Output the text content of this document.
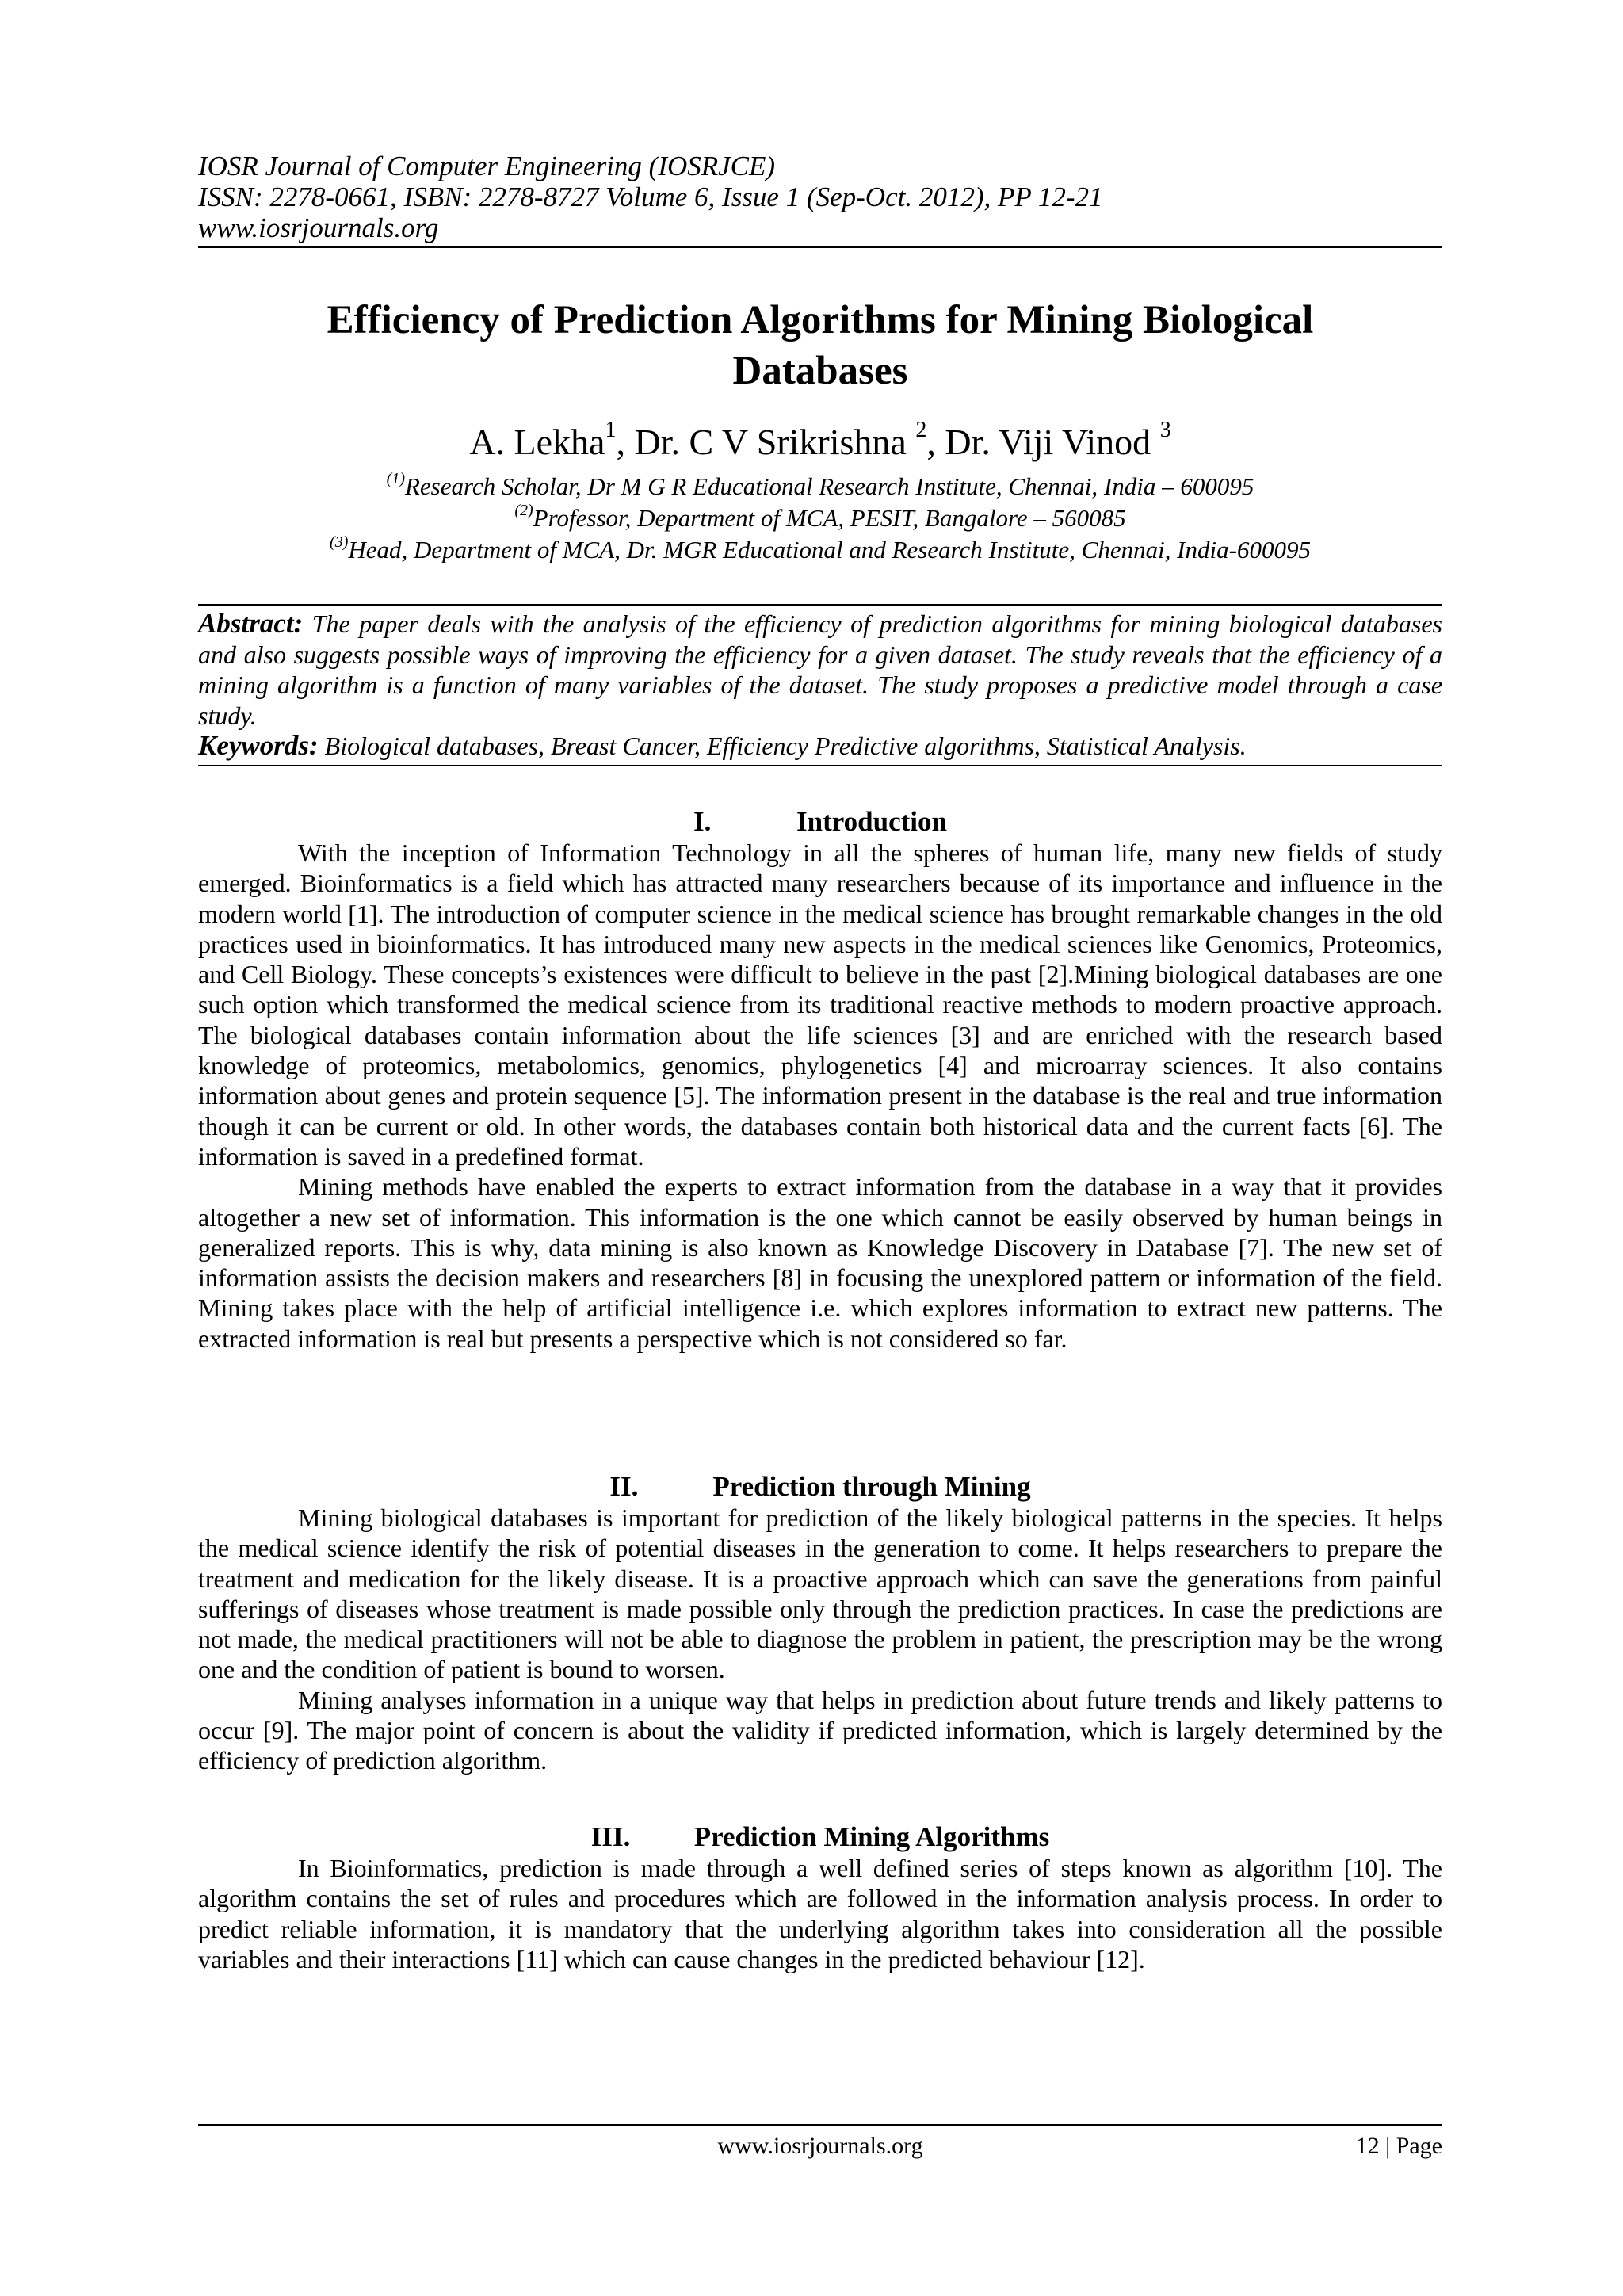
IOSR Journal of Computer Engineering (IOSRJCE)
ISSN: 2278-0661, ISBN: 2278-8727 Volume 6, Issue 1 (Sep-Oct. 2012), PP 12-21
www.iosrjournals.org
Efficiency of Prediction Algorithms for Mining Biological
Databases
A. Lekha$^1$, Dr. C V Srikrishna $^2$, Dr. Viji Vinod $^3$
$^{(1)}$Research Scholar, Dr M G R Educational Research Institute, Chennai, India – 600095
$^{(2)}$Professor, Department of MCA, PESIT, Bangalore – 560085
$^{(3)}$Head, Department of MCA, Dr. MGR Educational and Research Institute, Chennai, India-600095

Abstract: The paper deals with the analysis of the efficiency of prediction algorithms for mining biological databases and also suggests possible ways of improving the efficiency for a given dataset. The study reveals that the efficiency of a mining algorithm is a function of many variables of the dataset. The study proposes a predictive model through a case study.

Keywords: Biological databases, Breast Cancer, Efficiency Predictive algorithms, Statistical Analysis.

I.	Introduction

With the inception of Information Technology in all the spheres of human life, many new fields of study emerged. Bioinformatics is a field which has attracted many researchers because of its importance and influence in the modern world [1]. The introduction of computer science in the medical science has brought remarkable changes in the old practices used in bioinformatics. It has introduced many new aspects in the medical sciences like Genomics, Proteomics, and Cell Biology. These concepts’s existences were difficult to believe in the past [2].Mining biological databases are one such option which transformed the medical science from its traditional reactive methods to modern proactive approach. The biological databases contain information about the life sciences [3] and are enriched with the research based knowledge of proteomics, metabolomics, genomics, phylogenetics [4] and microarray sciences. It also contains information about genes and protein sequence [5]. The information present in the database is the real and true information though it can be current or old. In other words, the databases contain both historical data and the current facts [6]. The information is saved in a predefined format.

Mining methods have enabled the experts to extract information from the database in a way that it provides altogether a new set of information. This information is the one which cannot be easily observed by human beings in generalized reports. This is why, data mining is also known as Knowledge Discovery in Database [7]. The new set of information assists the decision makers and researchers [8] in focusing the unexplored pattern or information of the field. Mining takes place with the help of artificial intelligence i.e. which explores information to extract new patterns. The extracted information is real but presents a perspective which is not considered so far.

II.	Prediction through Mining

Mining biological databases is important for prediction of the likely biological patterns in the species. It helps the medical science identify the risk of potential diseases in the generation to come. It helps researchers to prepare the treatment and medication for the likely disease. It is a proactive approach which can save the generations from painful sufferings of diseases whose treatment is made possible only through the prediction practices. In case the predictions are not made, the medical practitioners will not be able to diagnose the problem in patient, the prescription may be the wrong one and the condition of patient is bound to worsen.

Mining analyses information in a unique way that helps in prediction about future trends and likely patterns to occur [9]. The major point of concern is about the validity if predicted information, which is largely determined by the efficiency of prediction algorithm.

III. Prediction Mining Algorithms

In Bioinformatics, prediction is made through a well defined series of steps known as algorithm [10]. The algorithm contains the set of rules and procedures which are followed in the information analysis process. In order to predict reliable information, it is mandatory that the underlying algorithm takes into consideration all the possible variables and their interactions [11] which can cause changes in the predicted behaviour [12].

www.iosrjournals.org	12 | Page
